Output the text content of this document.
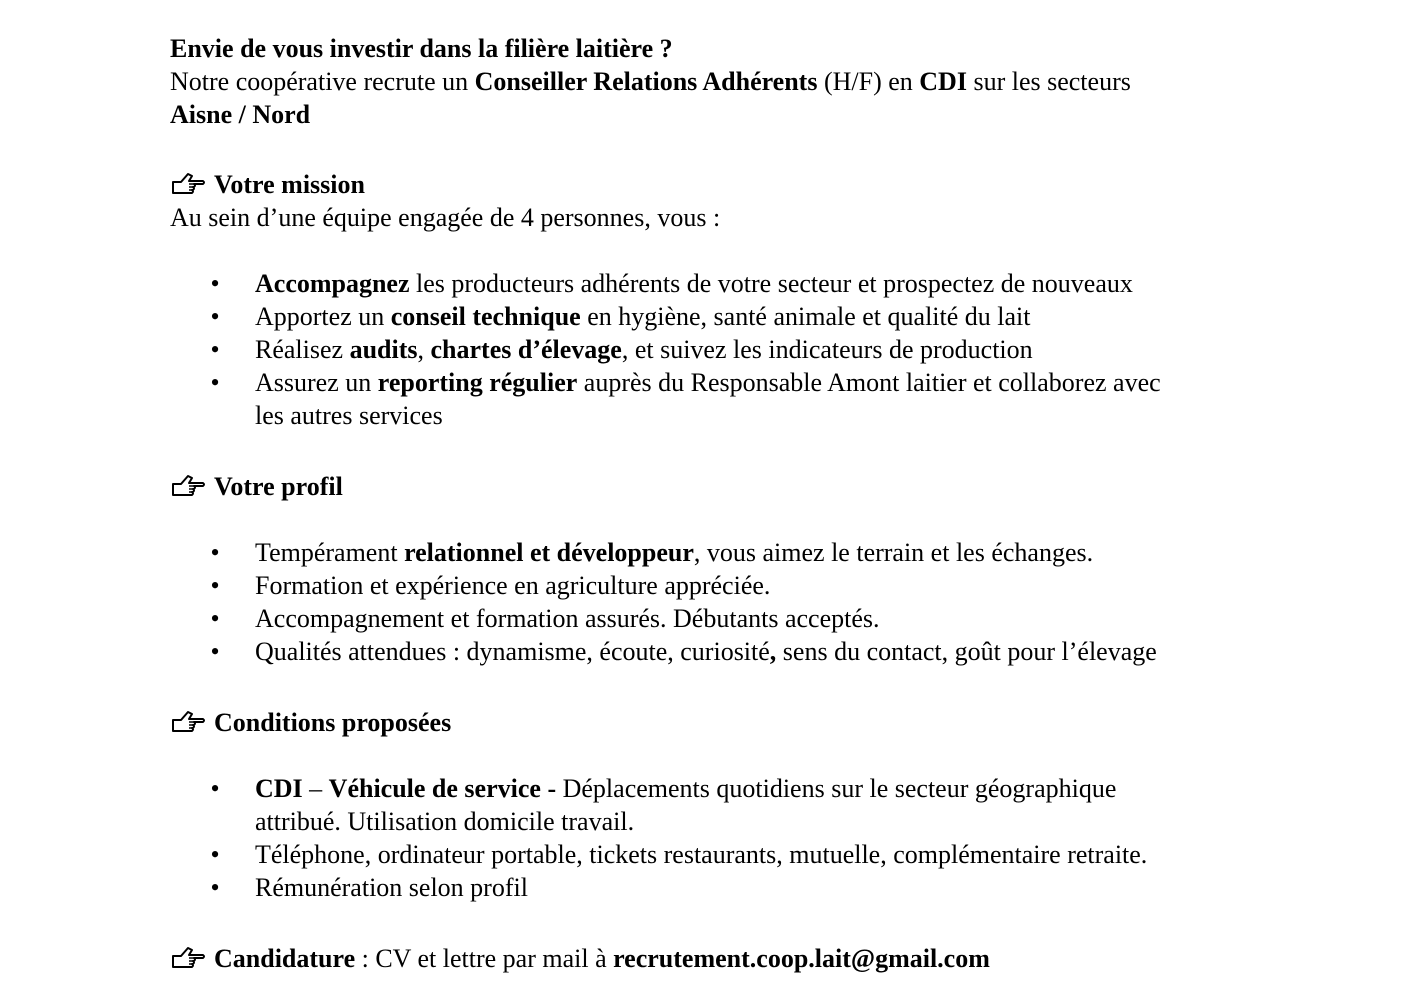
Envie de vous investir dans la filière laitière ?
Notre coopérative recrute un Conseiller Relations Adhérents (H/F) en CDI sur les secteurs
Aisne / Nord
Votre mission
Au sein d’une équipe engagée de 4 personnes, vous :
• Accompagnez les producteurs adhérents de votre secteur et prospectez de nouveaux
• Apportez un conseil technique en hygiène, santé animale et qualité du lait
• Réalisez audits, chartes d’élevage, et suivez les indicateurs de production
• Assurez un reporting régulier auprès du Responsable Amont laitier et collaborez avec
les autres services
Votre profil
• Tempérament relationnel et développeur, vous aimez le terrain et les échanges.
• Formation et expérience en agriculture appréciée.
• Accompagnement et formation assurés. Débutants acceptés.
• Qualités attendues : dynamisme, écoute, curiosité, sens du contact, goût pour l’élevage
Conditions proposées
• CDI – Véhicule de service - Déplacements quotidiens sur le secteur géographique
attribué. Utilisation domicile travail.
• Téléphone, ordinateur portable, tickets restaurants, mutuelle, complémentaire retraite.
• Rémunération selon profil
Candidature : CV et lettre par mail à recrutement.coop.lait@gmail.com
